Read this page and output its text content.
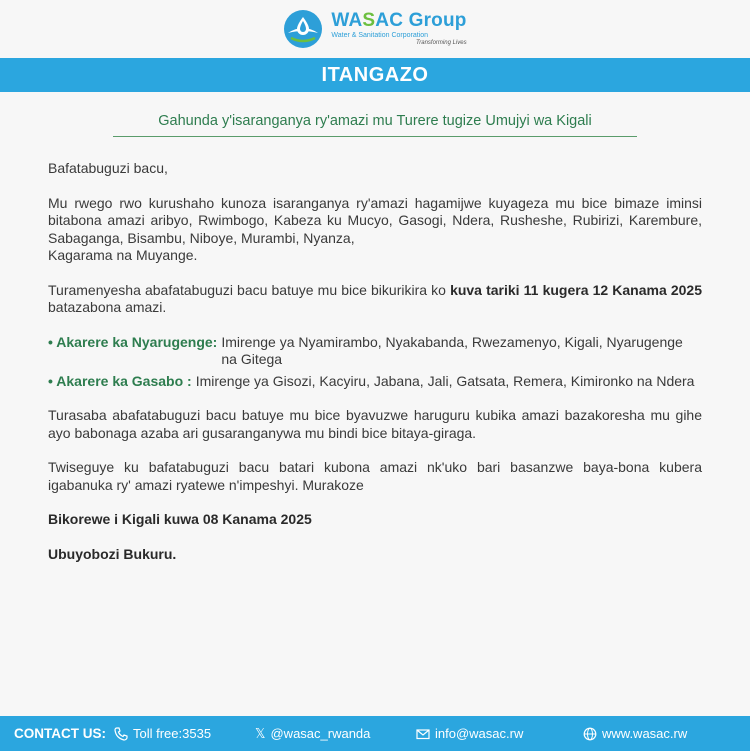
WASAC Group
Water & Sanitation Corporation
Transforming Lives
ITANGAZO
Gahunda y'isaranganya ry'amazi mu Turere tugize Umujyi wa Kigali

Bafatabuguzi bacu,

Mu rwego rwo kurushaho kunoza isaranganya ry'amazi hagamijwe kuyageza mu bice bimaze iminsi bitabona amazi aribyo, Rwimbogo, Kabeza ku Mucyo, Gasogi, Ndera, Rusheshe, Rubirizi, Karembure, Sabaganga, Bisambu, Niboye, Murambi, Nyanza,

Kagarama na Muyange.

Turamenyesha abafatabuguzi bacu batuye mu bice bikurikira ko kuva tariki 11 kugera 12 Kanama 2025 batazabona amazi.

• Akarere ka Nyarugenge: Imirenge ya Nyamirambo, Nyakabanda, Rwezamenyo, Kigali, Nyarugenge na Gitega
• Akarere ka Gasabo : Imirenge ya Gisozi, Kacyiru, Jabana, Jali, Gatsata, Remera, Kimironko na Ndera

Turasaba abafatabuguzi bacu batuye mu bice byavuzwe haruguru kubika amazi bazakoresha mu gihe ayo babonaga azaba ari gusaranganywa mu bindi bice bitaya-giraga.

Twiseguye ku bafatabuguzi bacu batari kubona amazi nk'uko bari basanzwe baya-bona kubera igabanuka ry' amazi ryatewe n'impeshyi. Murakoze

Bikorewe i Kigali kuwa 08 Kanama 2025

Ubuyobozi Bukuru.

CONTACT US: Toll free:3535	𝕏 @wasac_rwanda	info@wasac.rw	www.wasac.rw
